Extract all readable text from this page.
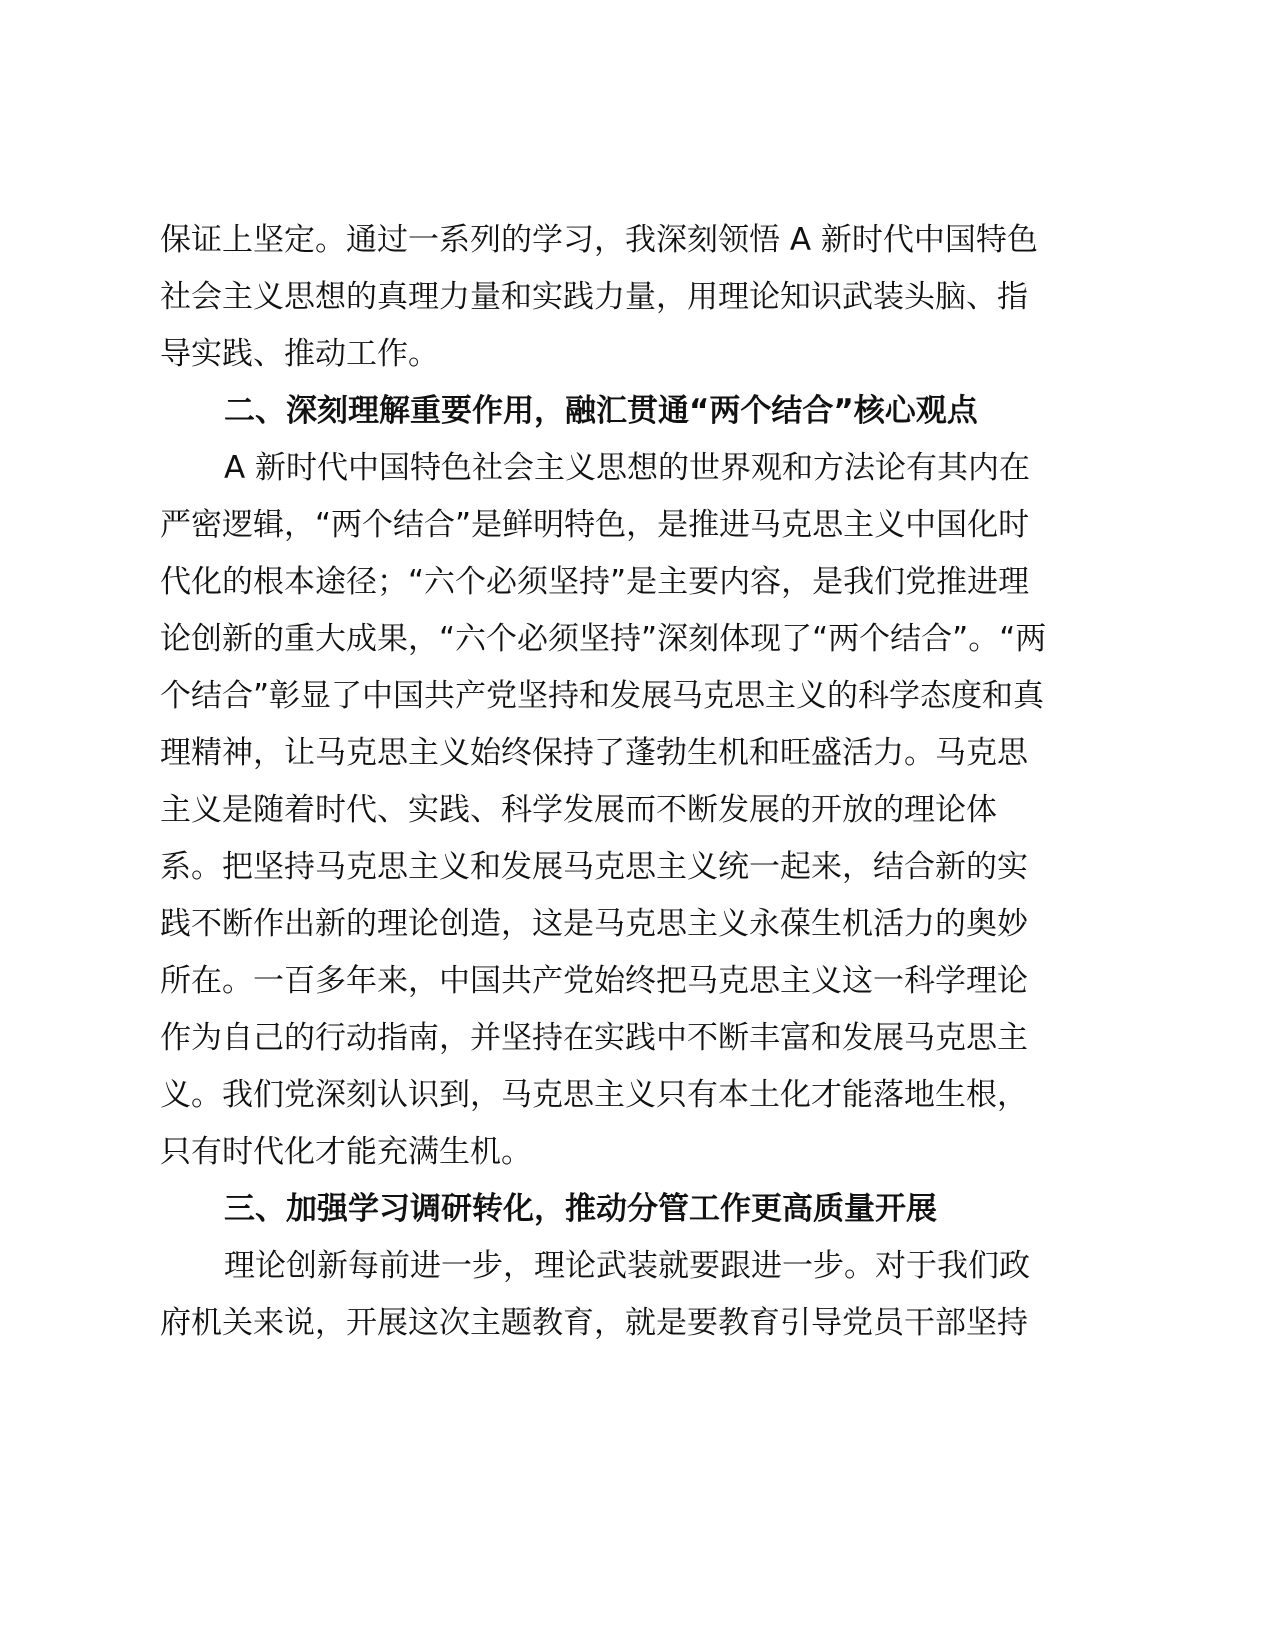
保证上坚定。通过一系列的学习，我深刻领悟 A 新时代中国特色
社会主义思想的真理力量和实践力量，用理论知识武装头脑、指
导实践、推动工作。
二、深刻理解重要作用，融汇贯通“两个结合”核心观点
A 新时代中国特色社会主义思想的世界观和方法论有其内在
严密逻辑，“两个结合”是鲜明特色，是推进马克思主义中国化时
代化的根本途径；“六个必须坚持”是主要内容，是我们党推进理
论创新的重大成果，“六个必须坚持”深刻体现了“两个结合”。“两
个结合”彰显了中国共产党坚持和发展马克思主义的科学态度和真
理精神，让马克思主义始终保持了蓬勃生机和旺盛活力。马克思
主义是随着时代、实践、科学发展而不断发展的开放的理论体
系。把坚持马克思主义和发展马克思主义统一起来，结合新的实
践不断作出新的理论创造，这是马克思主义永葆生机活力的奥妙
所在。一百多年来，中国共产党始终把马克思主义这一科学理论
作为自己的行动指南，并坚持在实践中不断丰富和发展马克思主
义。我们党深刻认识到，马克思主义只有本土化才能落地生根，
只有时代化才能充满生机。
三、加强学习调研转化，推动分管工作更高质量开展
理论创新每前进一步，理论武装就要跟进一步。对于我们政
府机关来说，开展这次主题教育，就是要教育引导党员干部坚持
